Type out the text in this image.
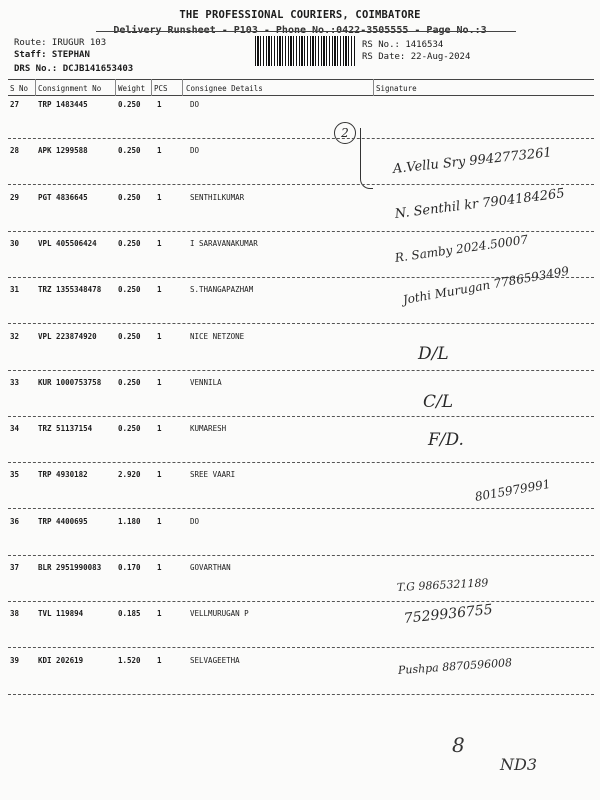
THE PROFESSIONAL COURIERS, COIMBATORE
Route: IRUGUR 103
Staff: STEPHAN
DRS No.: DCJB141653403
RS No.: 1416534
RS Date: 22-Aug-2024
S No Consignment No Weight PCS Consignee Details	Signature
27	TRP 1483445	0.250 1	DO
28	APK 1299588	0.250 1	DO
29	PGT 4836645	0.250 1	SENTHILKUMAR
30	VPL 405506424	0.250 1	I SARAVANAKUMAR
31	TRZ 1355348478 0.250 1	S.THANGAPAZHAM
32	VPL 223874920	0.250 1	NICE NETZONE
33	KUR 1000753758 0.250 1	VENNILA
34	TRZ 51137154	0.250 1	KUMARESH
35	TRP 4930182	2.920 1	SREE VAARI
36	TRP 4400695	1.180 1	DO
37	BLR 2951990083 0.170 1	GOVARTHAN
38	TVL 119894	0.185 1	VELLMURUGAN P
39	KDI 202619	1.520 1	SELVAGEETHA
2
8
ND3
A.Vellu Sry 9942773261
N. Senthil kr 7904184265
R. Samby 2024.50007
Jothi Murugan 7786593499
D/L
C/L
F/D.
8015979991
T.G 9865321189
7529936755
Pushpa 8870596008
